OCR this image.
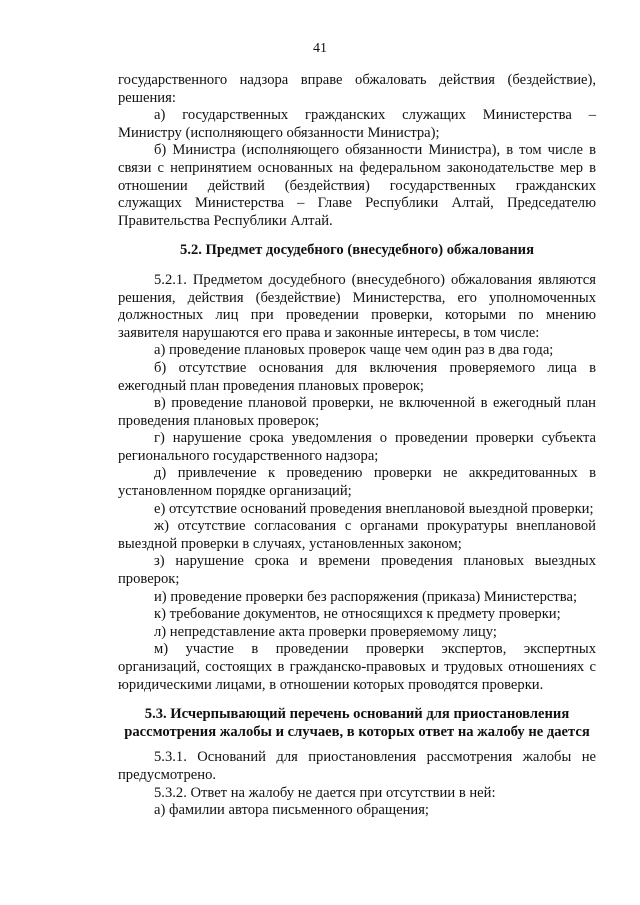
41

государственного надзора вправе обжаловать действия (бездействие), решения:

а) государственных гражданских служащих Министерства – Министру (исполняющего обязанности Министра);

б) Министра (исполняющего обязанности Министра), в том числе в связи с непринятием основанных на федеральном законодательстве мер в отношении действий (бездействия) государственных гражданских служащих Министерства – Главе Республики Алтай, Председателю Правительства Республики Алтай.

5.2. Предмет досудебного (внесудебного) обжалования

5.2.1. Предметом досудебного (внесудебного) обжалования являются решения, действия (бездействие) Министерства, его уполномоченных должностных лиц при проведении проверки, которыми по мнению заявителя нарушаются его права и законные интересы, в том числе:

а) проведение плановых проверок чаще чем один раз в два года;

б) отсутствие основания для включения проверяемого лица в ежегодный план проведения плановых проверок;

в) проведение плановой проверки, не включенной в ежегодный план проведения плановых проверок;

г) нарушение срока уведомления о проведении проверки субъекта регионального государственного надзора;

д) привлечение к проведению проверки не аккредитованных в установленном порядке организаций;

е) отсутствие оснований проведения внеплановой выездной проверки;

ж) отсутствие согласования с органами прокуратуры внеплановой выездной проверки в случаях, установленных законом;

з) нарушение срока и времени проведения плановых выездных проверок;

и) проведение проверки без распоряжения (приказа) Министерства;

к) требование документов, не относящихся к предмету проверки;

л) непредставление акта проверки проверяемому лицу;

м) участие в проведении проверки экспертов, экспертных организаций, состоящих в гражданско-правовых и трудовых отношениях с юридическими лицами, в отношении которых проводятся проверки.

5.3. Исчерпывающий перечень оснований для приостановления
рассмотрения жалобы и случаев, в которых ответ на жалобу не дается

5.3.1. Оснований для приостановления рассмотрения жалобы не предусмотрено.

5.3.2. Ответ на жалобу не дается при отсутствии в ней:

а) фамилии автора письменного обращения;
